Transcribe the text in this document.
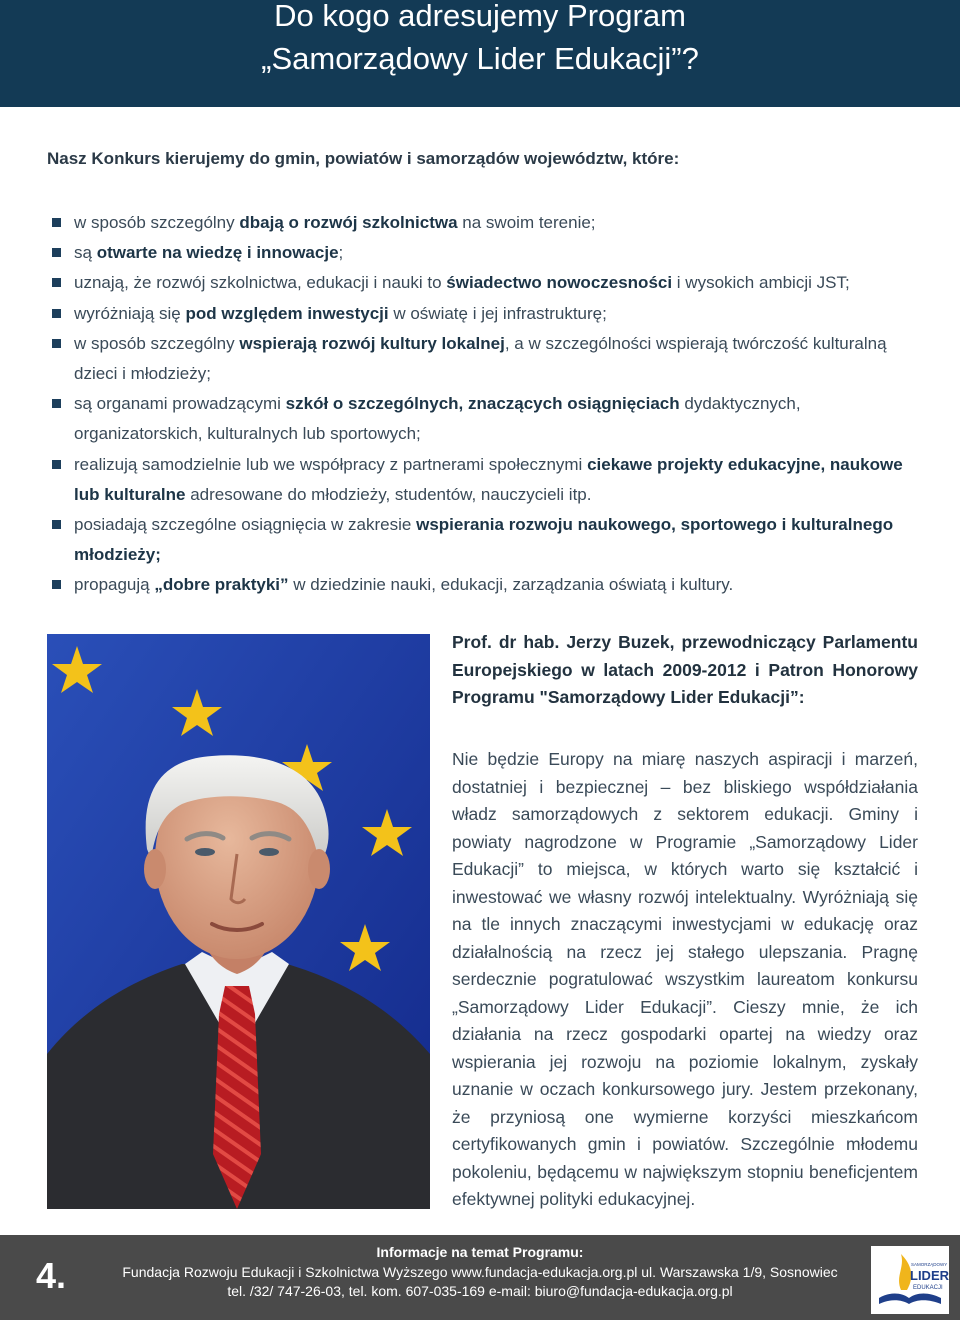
Do kogo adresujemy Program
„Samorządowy Lider Edukacji”?
Nasz Konkurs kierujemy do gmin, powiatów i samorządów województw, które:
w sposób szczególny dbają o rozwój szkolnictwa na swoim terenie;
są otwarte na wiedzę i innowacje;
uznają, że rozwój szkolnictwa, edukacji i nauki to świadectwo nowoczesności i wysokich ambicji JST;
wyróżniają się pod względem inwestycji w oświatę i jej infrastrukturę;
w sposób szczególny wspierają rozwój kultury lokalnej, a w szczególności wspierają twórczość kulturalną dzieci i młodzieży;
są organami prowadzącymi szkół o szczególnych, znaczących osiągnięciach dydaktycznych, organizatorskich, kulturalnych lub sportowych;
realizują samodzielnie lub we współpracy z partnerami społecznymi ciekawe projekty edukacyjne, naukowe lub kulturalne adresowane do młodzieży, studentów, nauczycieli itp.
posiadają szczególne osiągnięcia w zakresie wspierania rozwoju naukowego, sportowego i kulturalnego młodzieży;
propagują „dobre praktyki” w dziedzinie nauki, edukacji, zarządzania oświatą i kultury.
Prof. dr hab. Jerzy Buzek, przewodniczący Parlamentu Europejskiego w latach 2009-2012 i Patron Honorowy Programu "Samorządowy Lider Edukacji”:
Nie będzie Europy na miarę naszych aspiracji i marzeń, dostatniej i bezpiecznej – bez bliskiego współdziałania władz samorządowych z sektorem edukacji. Gminy i powiaty nagrodzone w Programie „Samorządowy Lider Edukacji” to miejsca, w których warto się kształcić i inwestować we własny rozwój intelektualny. Wyróżniają się na tle innych znaczącymi inwestycjami w edukację oraz działalnością na rzecz jej stałego ulepszania. Pragnę serdecznie pogratulować wszystkim laureatom konkursu „Samorządowy Lider Edukacji”. Cieszy mnie, że ich działania na rzecz gospodarki opartej na wiedzy oraz wspierania jej rozwoju na poziomie lokalnym, zyskały uznanie w oczach konkursowego jury. Jestem przekonany, że przyniosą one wymierne korzyści mieszkańcom certyfikowanych gmin i powiatów. Szczególnie młodemu pokoleniu, będącemu w największym stopniu beneficjentem efektywnej polityki edukacyjnej.
4.
Informacje na temat Programu:
Fundacja Rozwoju Edukacji i Szkolnictwa Wyższego www.fundacja-edukacja.org.pl ul. Warszawska 1/9, Sosnowiec
tel. /32/ 747-26-03, tel. kom. 607-035-169 e-mail: biuro@fundacja-edukacja.org.pl
SAMORZĄDOWY
LIDER
EDUKACJI
